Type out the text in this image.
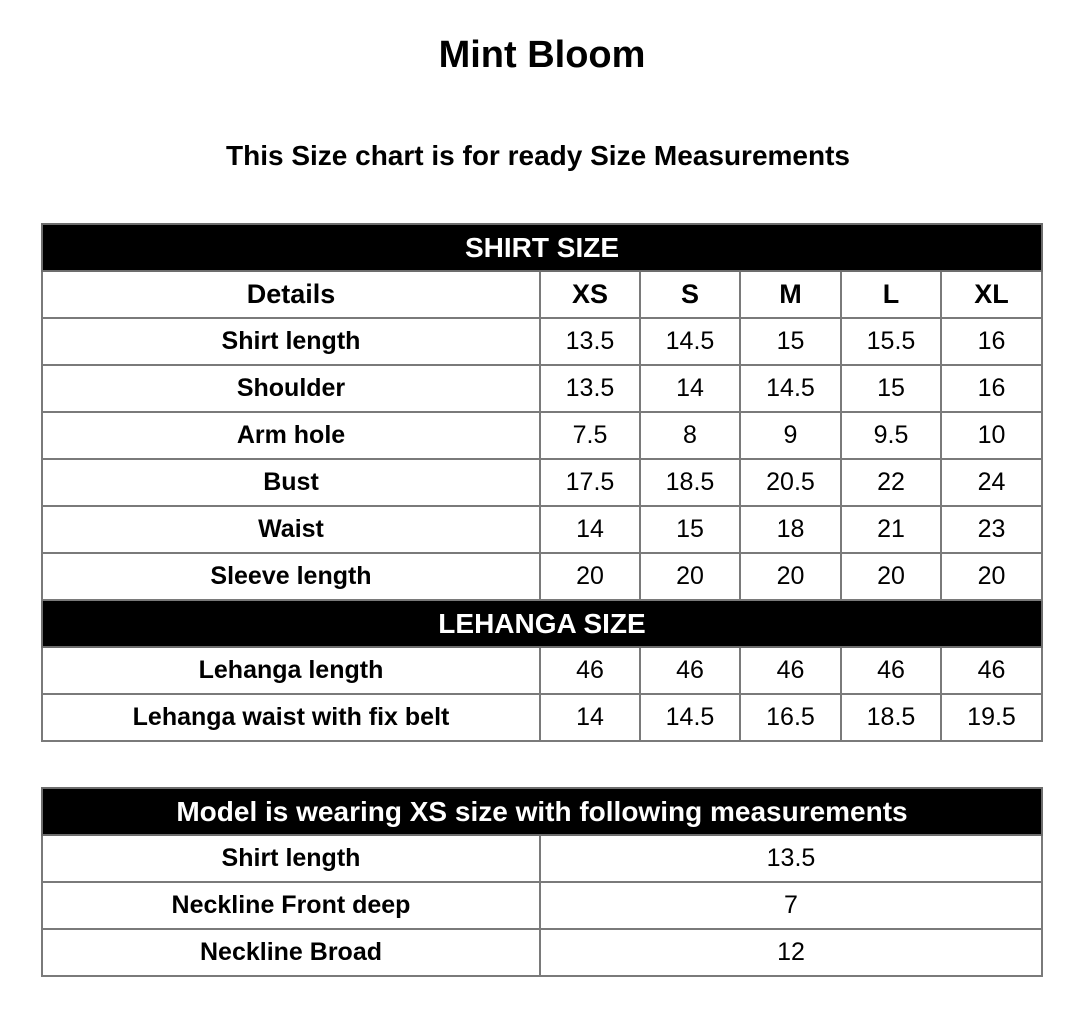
Mint Bloom
This Size chart is for ready Size Measurements
SHIRT SIZE					
Details	XS	S	M	L	XL
Shirt length	13.5	14.5	15	15.5	16
Shoulder	13.5	14	14.5	15	16
Arm hole	7.5	8	9	9.5	10
Bust	17.5	18.5	20.5	22	24
Waist	14	15	18	21	23
Sleeve length	20	20	20	20	20
LEHANGA SIZE					
Lehanga length	46	46	46	46	46
Lehanga waist with fix belt	14	14.5	16.5	18.5	19.5
Model is wearing XS size with following measurements	
Shirt length	13.5
Neckline Front deep	7
Neckline Broad	12
